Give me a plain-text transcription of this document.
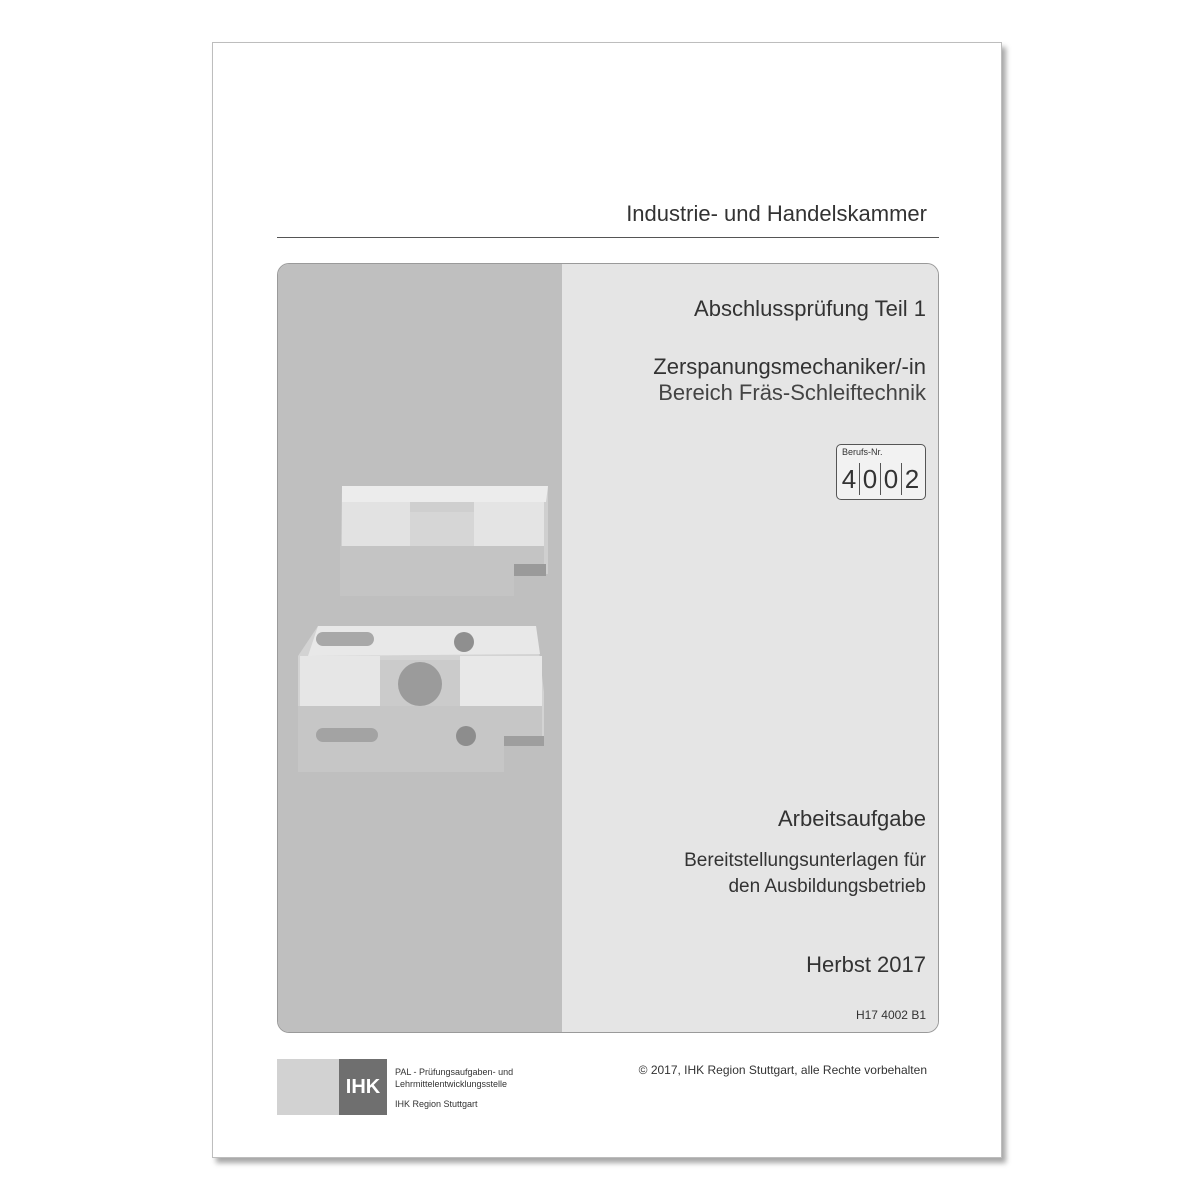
Industrie- und Handelskammer
Abschlussprüfung Teil 1
Zerspanungsmechaniker/-in
Bereich Fräs-Schleiftechnik
Berufs-Nr.
4 0 0 2
Arbeitsaufgabe
Bereitstellungsunterlagen für
den Ausbildungsbetrieb
Herbst 2017
H17 4002 B1
IHK
PAL - Prüfungsaufgaben- und
Lehrmittelentwicklungsstelle
IHK Region Stuttgart
© 2017, IHK Region Stuttgart, alle Rechte vorbehalten
